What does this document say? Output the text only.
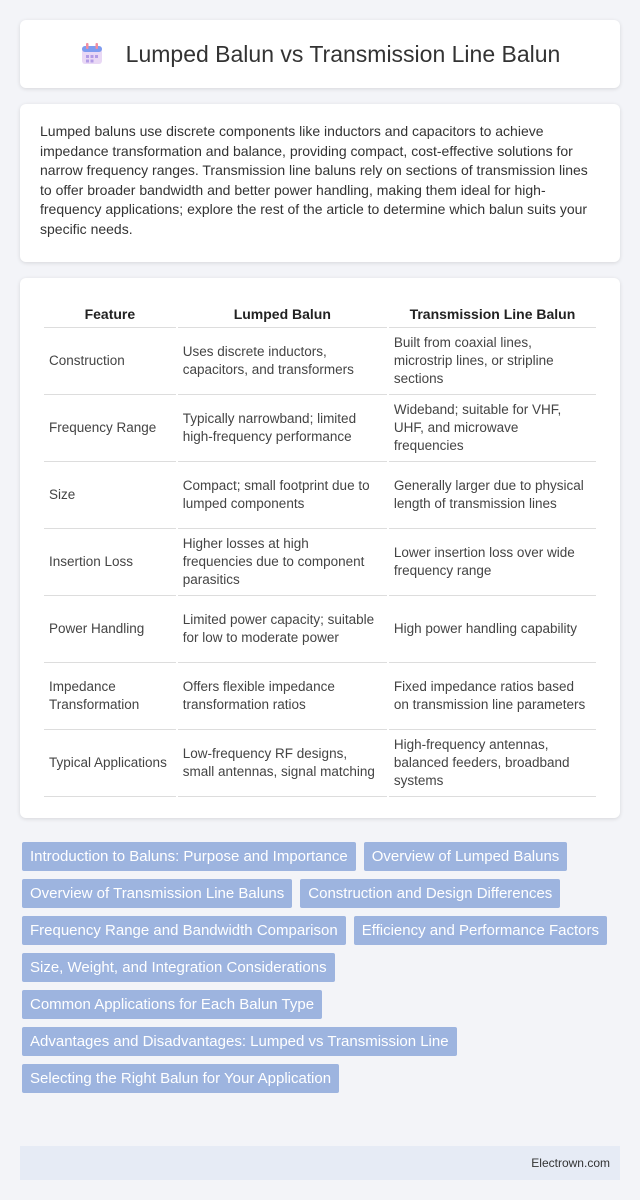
Lumped Balun vs Transmission Line Balun

Lumped baluns use discrete components like inductors and capacitors to achieve impedance transformation and balance, providing compact, cost-effective solutions for narrow frequency ranges. Transmission line baluns rely on sections of transmission lines to offer broader bandwidth and better power handling, making them ideal for high-frequency applications; explore the rest of the article to determine which balun suits your specific needs.

Feature	Lumped Balun	Transmission Line Balun
Construction	Uses discrete inductors, capacitors, and transformers	Built from coaxial lines, microstrip lines, or stripline sections
Frequency Range	Typically narrowband; limited high-frequency performance	Wideband; suitable for VHF, UHF, and microwave frequencies
Size	Compact; small footprint due to lumped components	Generally larger due to physical length of transmission lines
Insertion Loss	Higher losses at high frequencies due to component parasitics	Lower insertion loss over wide frequency range
Power Handling	Limited power capacity; suitable for low to moderate power	High power handling capability
Impedance Transformation	Offers flexible impedance transformation ratios	Fixed impedance ratios based on transmission line parameters
Typical Applications	Low-frequency RF designs, small antennas, signal matching	High-frequency antennas, balanced feeders, broadband systems
Introduction to Baluns: Purpose and Importance	Overview of Lumped Baluns
Overview of Transmission Line Baluns	Construction and Design Differences
Frequency Range and Bandwidth Comparison	Efficiency and Performance Factors
Size, Weight, and Integration Considerations
Common Applications for Each Balun Type
Advantages and Disadvantages: Lumped vs Transmission Line
Selecting the Right Balun for Your Application
Electrown.com
